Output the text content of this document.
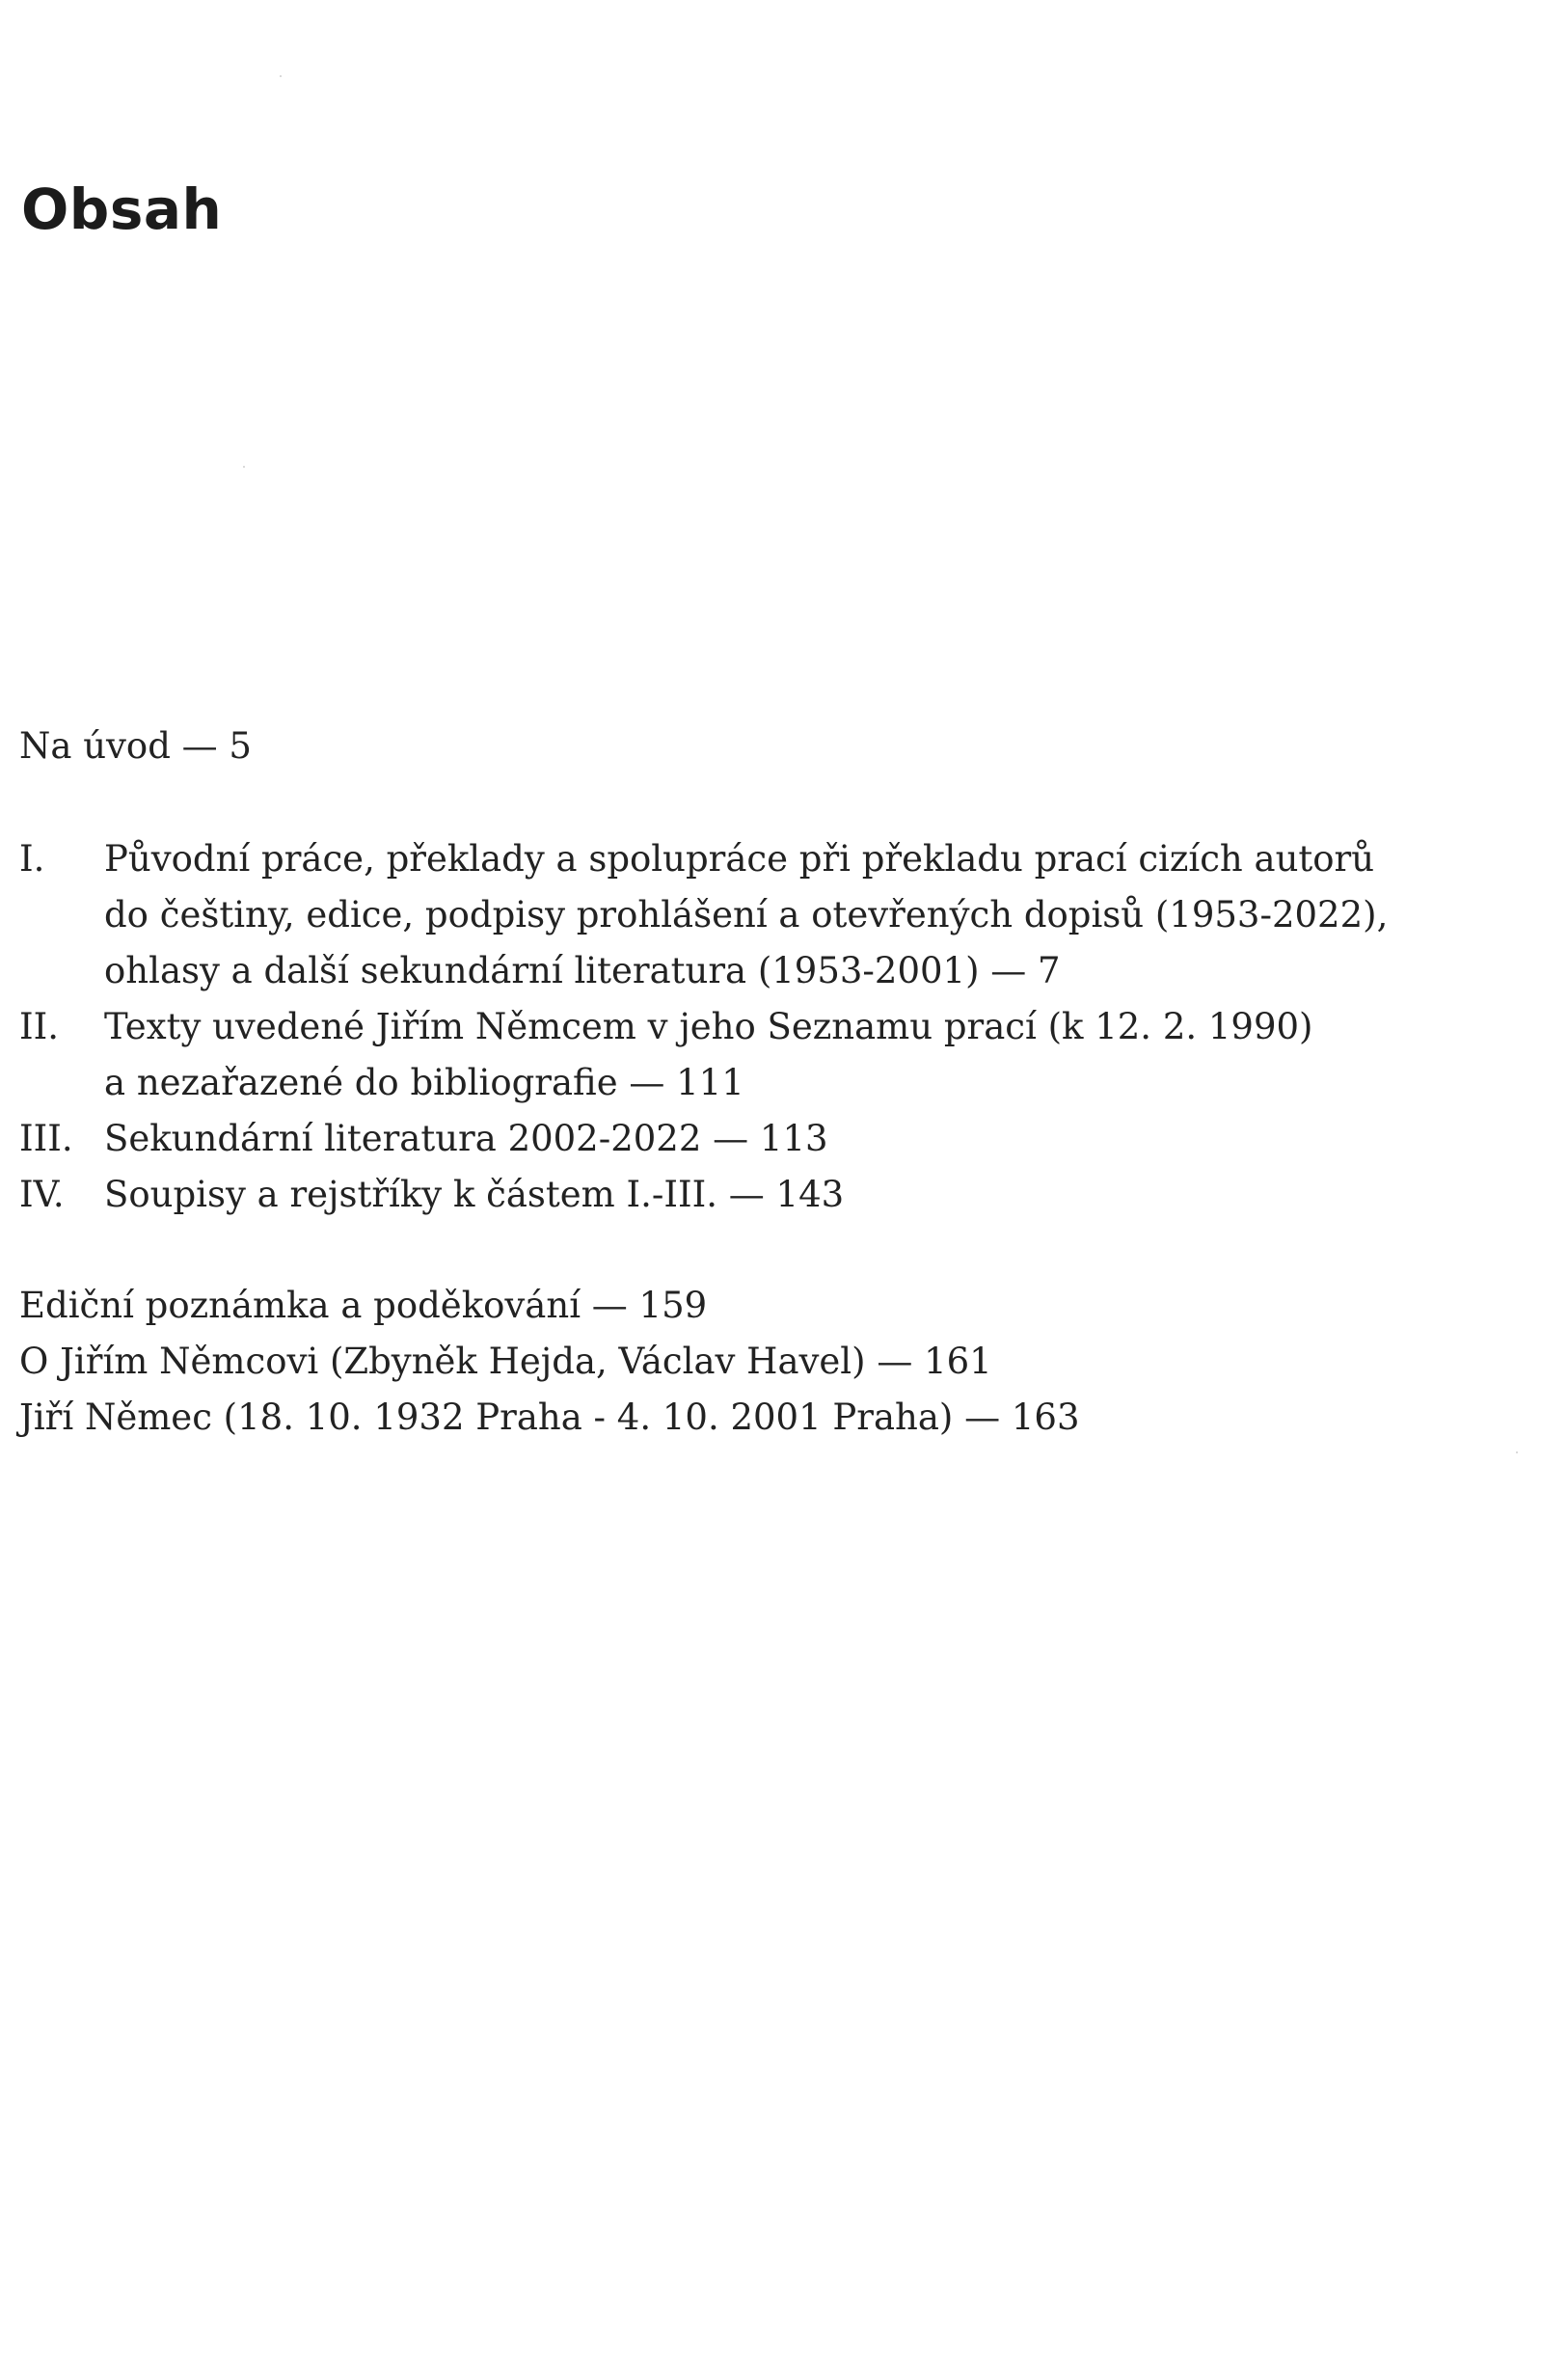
Obsah

Na úvod — 5

I.	Původní práce, překlady a spolupráce při překladu prací cizích autorů
do češtiny, edice, podpisy prohlášení a otevřených dopisů (1953-2022),
ohlasy a další sekundární literatura (1953-2001) — 7
II.	Texty uvedené Jiřím Němcem v jeho Seznamu prací (k 12. 2. 1990)
a nezařazené do bibliografie — 111
III. Sekundární literatura 2002-2022 — 113
IV.	Soupisy a rejstříky k částem I.-III. — 143
Ediční poznámka a poděkování — 159
O Jiřím Němcovi (Zbyněk Hejda, Václav Havel) — 161
Jiří Němec (18. 10. 1932 Praha - 4. 10. 2001 Praha) — 163
